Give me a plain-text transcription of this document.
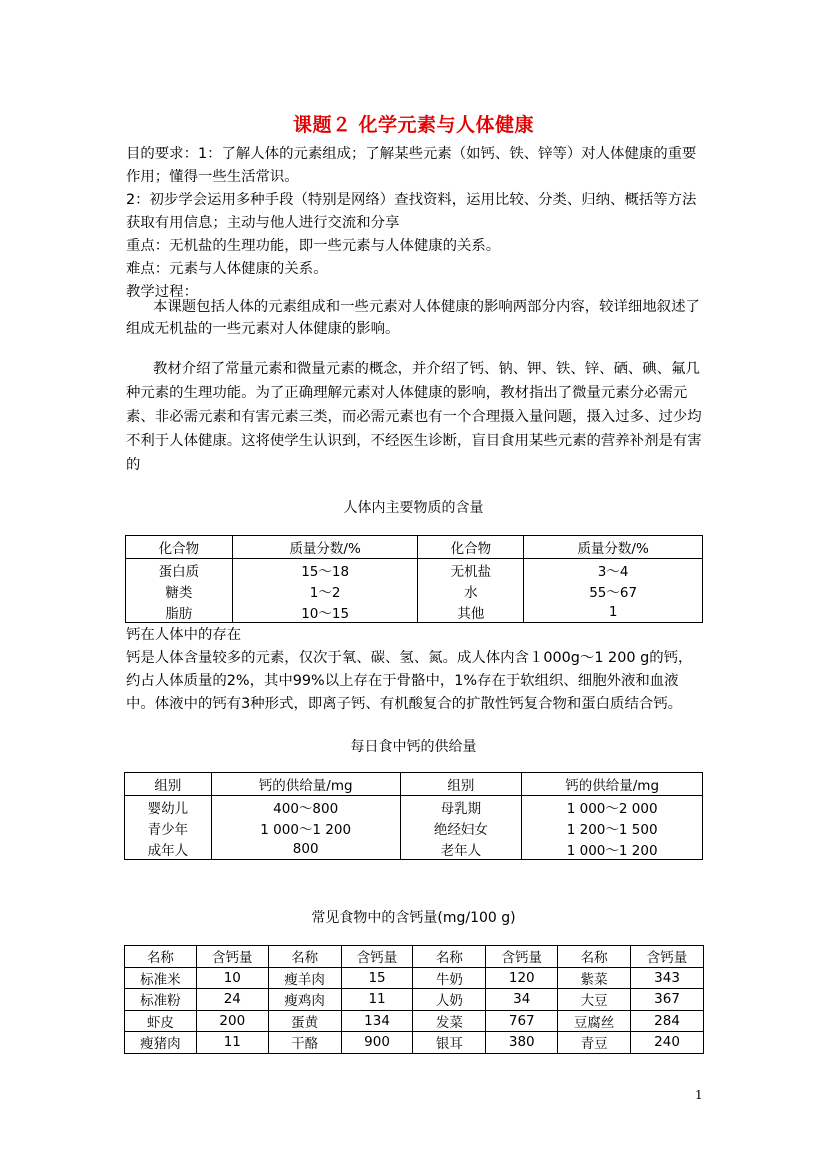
课题２ 化学元素与人体健康

目的要求：1：了解人体的元素组成；了解某些元素（如钙、铁、锌等）对人体健康的重要作用；懂得一些生活常识。

2：初步学会运用多种手段（特别是网络）查找资料，运用比较、分类、归纳、概括等方法获取有用信息；主动与他人进行交流和分享

重点：无机盐的生理功能，即一些元素与人体健康的关系。

难点：元素与人体健康的关系。

教学过程：

本课题包括人体的元素组成和一些元素对人体健康的影响两部分内容，较详细地叙述了组成无机盐的一些元素对人体健康的影响。

教材介绍了常量元素和微量元素的概念，并介绍了钙、钠、钾、铁、锌、硒、碘、氟几种元素的生理功能。为了正确理解元素对人体健康的影响，教材指出了微量元素分必需元素、非必需元素和有害元素三类，而必需元素也有一个合理摄入量问题，摄入过多、过少均不利于人体健康。这将使学生认识到，不经医生诊断，盲目食用某些元素的营养补剂是有害的

人体内主要物质的含量
化合物	质量分数/%	化合物	质量分数/%
蛋白质	15～18	无机盐	3～4
糖类	1～2	水	55～67
脂肪	10～15	其他	1

钙在人体中的存在

钙是人体含量较多的元素，仅次于氧、碳、氢、氮。成人体内含１000g～1 200 g的钙，约占人体质量的2%，其中99%以上存在于骨骼中，1%存在于软组织、细胞外液和血液中。体液中的钙有3种形式，即离子钙、有机酸复合的扩散性钙复合物和蛋白质结合钙。

每日食中钙的供给量
组别	钙的供给量/mg	组别	钙的供给量/mg
婴幼儿	400～800	母乳期	1 000～2 000
青少年	1 000～1 200	绝经妇女	1 200～1 500
成年人	800	老年人	1 000～1 200
常见食物中的含钙量(mg/100 g)
名称	含钙量	名称	含钙量	名称	含钙量	名称	含钙量
标准米	10	瘦羊肉	15	牛奶	120	紫菜	343
标准粉	24	瘦鸡肉	11	人奶	34	大豆	367
虾皮	200	蛋黄	134	发菜	767	豆腐丝	284
瘦猪肉	11	干酪	900	银耳	380	青豆	240
1
